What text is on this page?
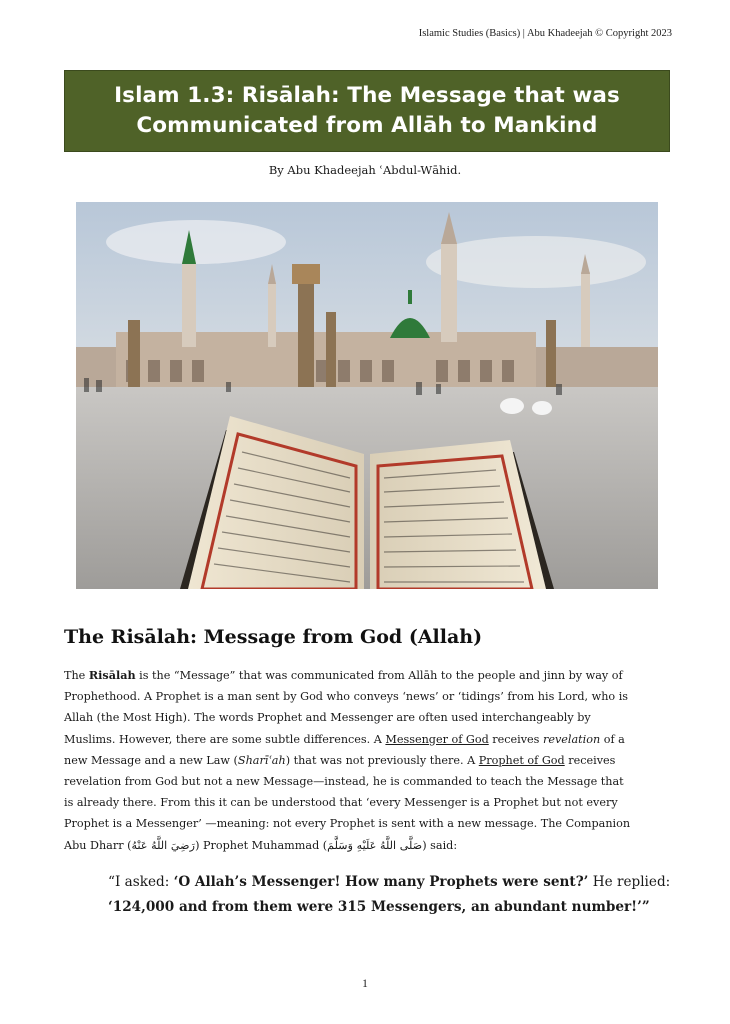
Islamic Studies (Basics) | Abu Khadeejah © Copyright 2023
Islam 1.3: Risālah: The Message that was
Communicated from Allāh to Mankind
By Abu Khadeejah ʿAbdul-Wāhid.
The Risālah: Message from God (Allah)

The Risālah is the “Message” that was communicated from Allāh to the people and jinn by way of
Prophethood. A Prophet is a man sent by God who conveys ‘news’ or ‘tidings’ from his Lord, who is
Allah (the Most High). The words Prophet and Messenger are often used interchangeably by
Muslims. However, there are some subtle differences. A Messenger of God receives revelation of a
new Message and a new Law (Sharīʿah) that was not previously there. A Prophet of God receives
revelation from God but not a new Message—instead, he is commanded to teach the Message that
is already there. From this it can be understood that ‘every Messenger is a Prophet but not every
Prophet is a Messenger’ —meaning: not every Prophet is sent with a new message. The Companion
Abu Dharr (رَضِيَ اللَّهُ عَنْهُ) Prophet Muhammad (صَلَّى اللَّهُ عَلَيْهِ وَسَلَّمَ) said:

“I asked: ‘O Allah’s Messenger! How many Prophets were sent?’ He replied:
‘124,000 and from them were 315 Messengers, an abundant number!’”

1
